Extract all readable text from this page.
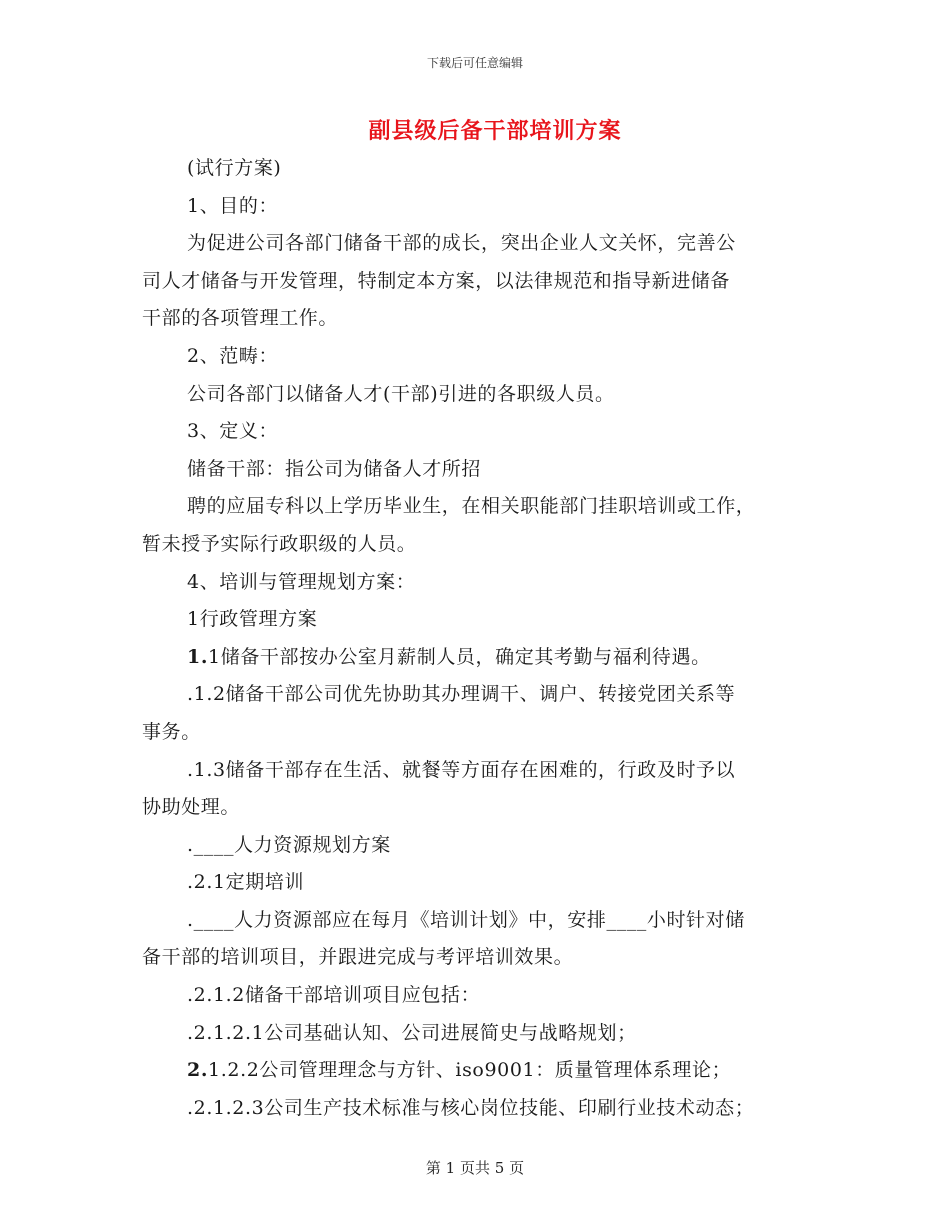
下载后可任意编辑
副县级后备干部培训方案

(试行方案)

1、目的：

为促进公司各部门储备干部的成长，突出企业人文关怀，完善公

司人才储备与开发管理，特制定本方案，以法律规范和指导新进储备

干部的各项管理工作。

2、范畴：

公司各部门以储备人才(干部)引进的各职级人员。

3、定义：

储备干部：指公司为储备人才所招

聘的应届专科以上学历毕业生，在相关职能部门挂职培训或工作，

暂未授予实际行政职级的人员。

4、培训与管理规划方案：

1行政管理方案

1.1储备干部按办公室月薪制人员，确定其考勤与福利待遇。

.1.2储备干部公司优先协助其办理调干、调户、转接党团关系等

事务。

.1.3储备干部存在生活、就餐等方面存在困难的，行政及时予以

协助处理。

.____人力资源规划方案

.2.1定期培训

.____人力资源部应在每月《培训计划》中，安排____小时针对储

备干部的培训项目，并跟进完成与考评培训效果。

.2.1.2储备干部培训项目应包括：

.2.1.2.1公司基础认知、公司进展简史与战略规划；

2.1.2.2公司管理理念与方针、iso9001：质量管理体系理论；

.2.1.2.3公司生产技术标准与核心岗位技能、印刷行业技术动态；

第 1 页共 5 页
